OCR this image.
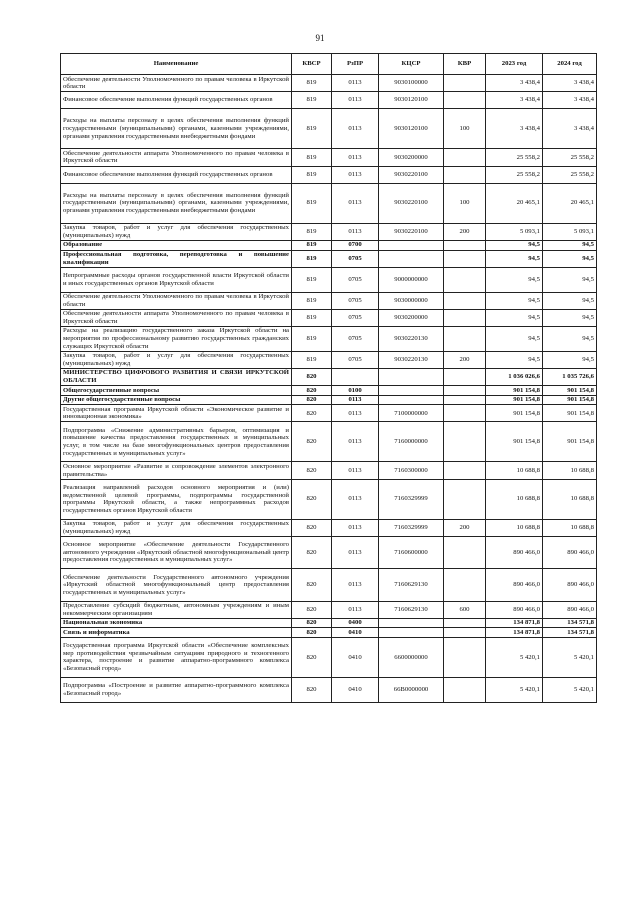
91
Наименование	КВСР	РзПР	КЦСР	КВР	2023 год	2024 год
Обеспечение деятельности Уполномоченного по правам человека в Иркутской области	819	0113	9030100000		3 438,4	3 438,4
Финансовое обеспечение выполнения функций государственных органов	819	0113	9030120100		3 438,4	3 438,4
Расходы на выплаты персоналу в целях обеспечения выполнения функций государственными (муниципальными) органами, казенными учреждениями, органами управления государственными внебюджетными фондами	819	0113	9030120100	100	3 438,4	3 438,4
Обеспечение деятельности аппарата Уполномоченного по правам человека в Иркутской области	819	0113	9030200000		25 558,2	25 558,2
Финансовое обеспечение выполнения функций государственных органов	819	0113	9030220100		25 558,2	25 558,2
Расходы на выплаты персоналу в целях обеспечения выполнения функций государственными (муниципальными) органами, казенными учреждениями, органами управления государственными внебюджетными фондами	819	0113	9030220100	100	20 465,1	20 465,1
Закупка товаров, работ и услуг для обеспечения государственных (муниципальных) нужд	819	0113	9030220100	200	5 093,1	5 093,1
Образование	819	0700			94,5	94,5
Профессиональная подготовка, переподготовка и повышение квалификации	819	0705			94,5	94,5
Непрограммные расходы органов государственной власти Иркутской области и иных государственных органов Иркутской области	819	0705	9000000000		94,5	94,5
Обеспечение деятельности Уполномоченного по правам человека в Иркутской области	819	0705	9030000000		94,5	94,5
Обеспечение деятельности аппарата Уполномоченного по правам человека в Иркутской области	819	0705	9030200000		94,5	94,5
Расходы на реализацию государственного заказа Иркутской области на мероприятия по профессиональному развитию государственных гражданских служащих Иркутской области	819	0705	9030220130		94,5	94,5
Закупка товаров, работ и услуг для обеспечения государственных (муниципальных) нужд	819	0705	9030220130	200	94,5	94,5
МИНИСТЕРСТВО ЦИФРОВОГО РАЗВИТИЯ И СВЯЗИ ИРКУТСКОЙ ОБЛАСТИ	820				1 036 026,6	1 035 726,6
Общегосударственные вопросы	820	0100			901 154,8	901 154,8
Другие общегосударственные вопросы	820	0113			901 154,8	901 154,8
Государственная программа Иркутской области «Экономическое развитие и инновационная экономика»	820	0113	7100000000		901 154,8	901 154,8
Подпрограмма «Снижение административных барьеров, оптимизация и повышение качества предоставления государственных и муниципальных услуг, в том числе на базе многофункциональных центров предоставления государственных и муниципальных услуг»	820	0113	7160000000		901 154,8	901 154,8
Основное мероприятие «Развитие и сопровождение элементов электронного правительства»	820	0113	7160300000		10 688,8	10 688,8
Реализация направлений расходов основного мероприятия и (или) ведомственной целевой программы, подпрограммы государственной программы Иркутской области, а также непрограммных расходов государственных органов Иркутской области	820	0113	7160329999		10 688,8	10 688,8
Закупка товаров, работ и услуг для обеспечения государственных (муниципальных) нужд	820	0113	7160329999	200	10 688,8	10 688,8
Основное мероприятие «Обеспечение деятельности Государственного автономного учреждения «Иркутский областной многофункциональный центр предоставления государственных и муниципальных услуг»	820	0113	7160600000		890 466,0	890 466,0
Обеспечение деятельности Государственного автономного учреждения «Иркутский областной многофункциональный центр предоставления государственных и муниципальных услуг»	820	0113	7160629130		890 466,0	890 466,0
Предоставление субсидий бюджетным, автономным учреждениям и иным некоммерческим организациям	820	0113	7160629130	600	890 466,0	890 466,0
Национальная экономика	820	0400			134 871,8	134 571,8
Связь и информатика	820	0410			134 871,8	134 571,8
Государственная программа Иркутской области «Обеспечение комплексных мер противодействия чрезвычайным ситуациям природного и техногенного характера, построение и развитие аппаратно-программного комплекса «Безопасный город»	820	0410	6600000000		5 420,1	5 420,1
Подпрограмма «Построение и развитие аппаратно-программного комплекса «Безопасный город»	820	0410	66B0000000		5 420,1	5 420,1
